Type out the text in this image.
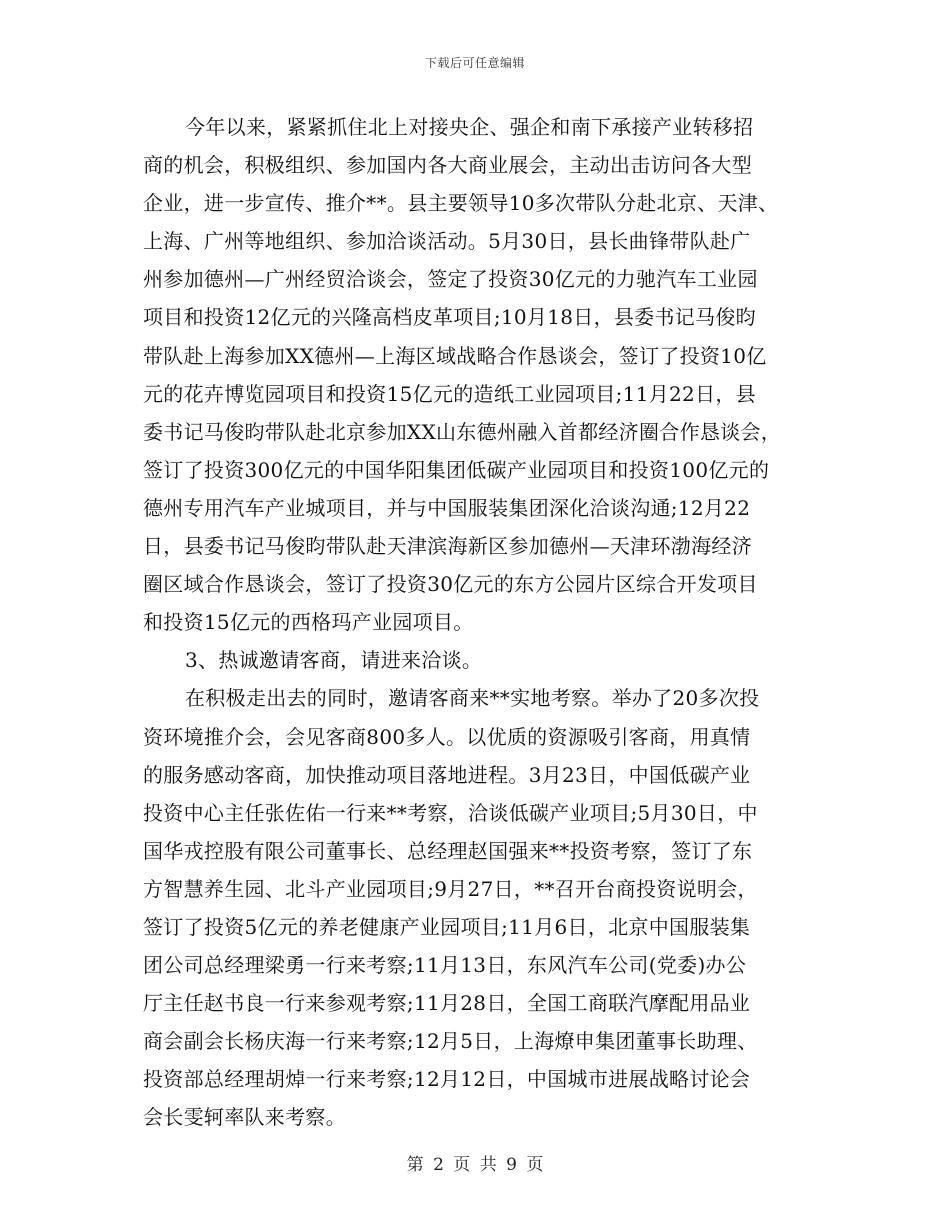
下载后可任意编辑
今年以来，紧紧抓住北上对接央企、强企和南下承接产业转移招
商的机会，积极组织、参加国内各大商业展会，主动出击访问各大型
企业，进一步宣传、推介**。县主要领导10多次带队分赴北京、天津、
上海、广州等地组织、参加洽谈活动。5月30日，县长曲锋带队赴广
州参加德州—广州经贸洽谈会，签定了投资30亿元的力驰汽车工业园
项目和投资12亿元的兴隆高档皮革项目;10月18日，县委书记马俊昀
带队赴上海参加XX德州—上海区域战略合作恳谈会，签订了投资10亿
元的花卉博览园项目和投资15亿元的造纸工业园项目;11月22日，县
委书记马俊昀带队赴北京参加XX山东德州融入首都经济圈合作恳谈会，
签订了投资300亿元的中国华阳集团低碳产业园项目和投资100亿元的
德州专用汽车产业城项目，并与中国服装集团深化洽谈沟通;12月22
日，县委书记马俊昀带队赴天津滨海新区参加德州—天津环渤海经济
圈区域合作恳谈会，签订了投资30亿元的东方公园片区综合开发项目
和投资15亿元的西格玛产业园项目。
3、热诚邀请客商，请进来洽谈。
在积极走出去的同时，邀请客商来**实地考察。举办了20多次投
资环境推介会，会见客商800多人。以优质的资源吸引客商，用真情
的服务感动客商，加快推动项目落地进程。3月23日，中国低碳产业
投资中心主任张佐佑一行来**考察，洽谈低碳产业项目;5月30日，中
国华戎控股有限公司董事长、总经理赵国强来**投资考察，签订了东
方智慧养生园、北斗产业园项目;9月27日，**召开台商投资说明会，
签订了投资5亿元的养老健康产业园项目;11月6日，北京中国服装集
团公司总经理梁勇一行来考察;11月13日，东风汽车公司(党委)办公
厅主任赵书良一行来参观考察;11月28日，全国工商联汽摩配用品业
商会副会长杨庆海一行来考察;12月5日，上海燎申集团董事长助理、
投资部总经理胡焯一行来考察;12月12日，中国城市进展战略讨论会
会长雯轲率队来考察。
第 2 页 共 9 页
